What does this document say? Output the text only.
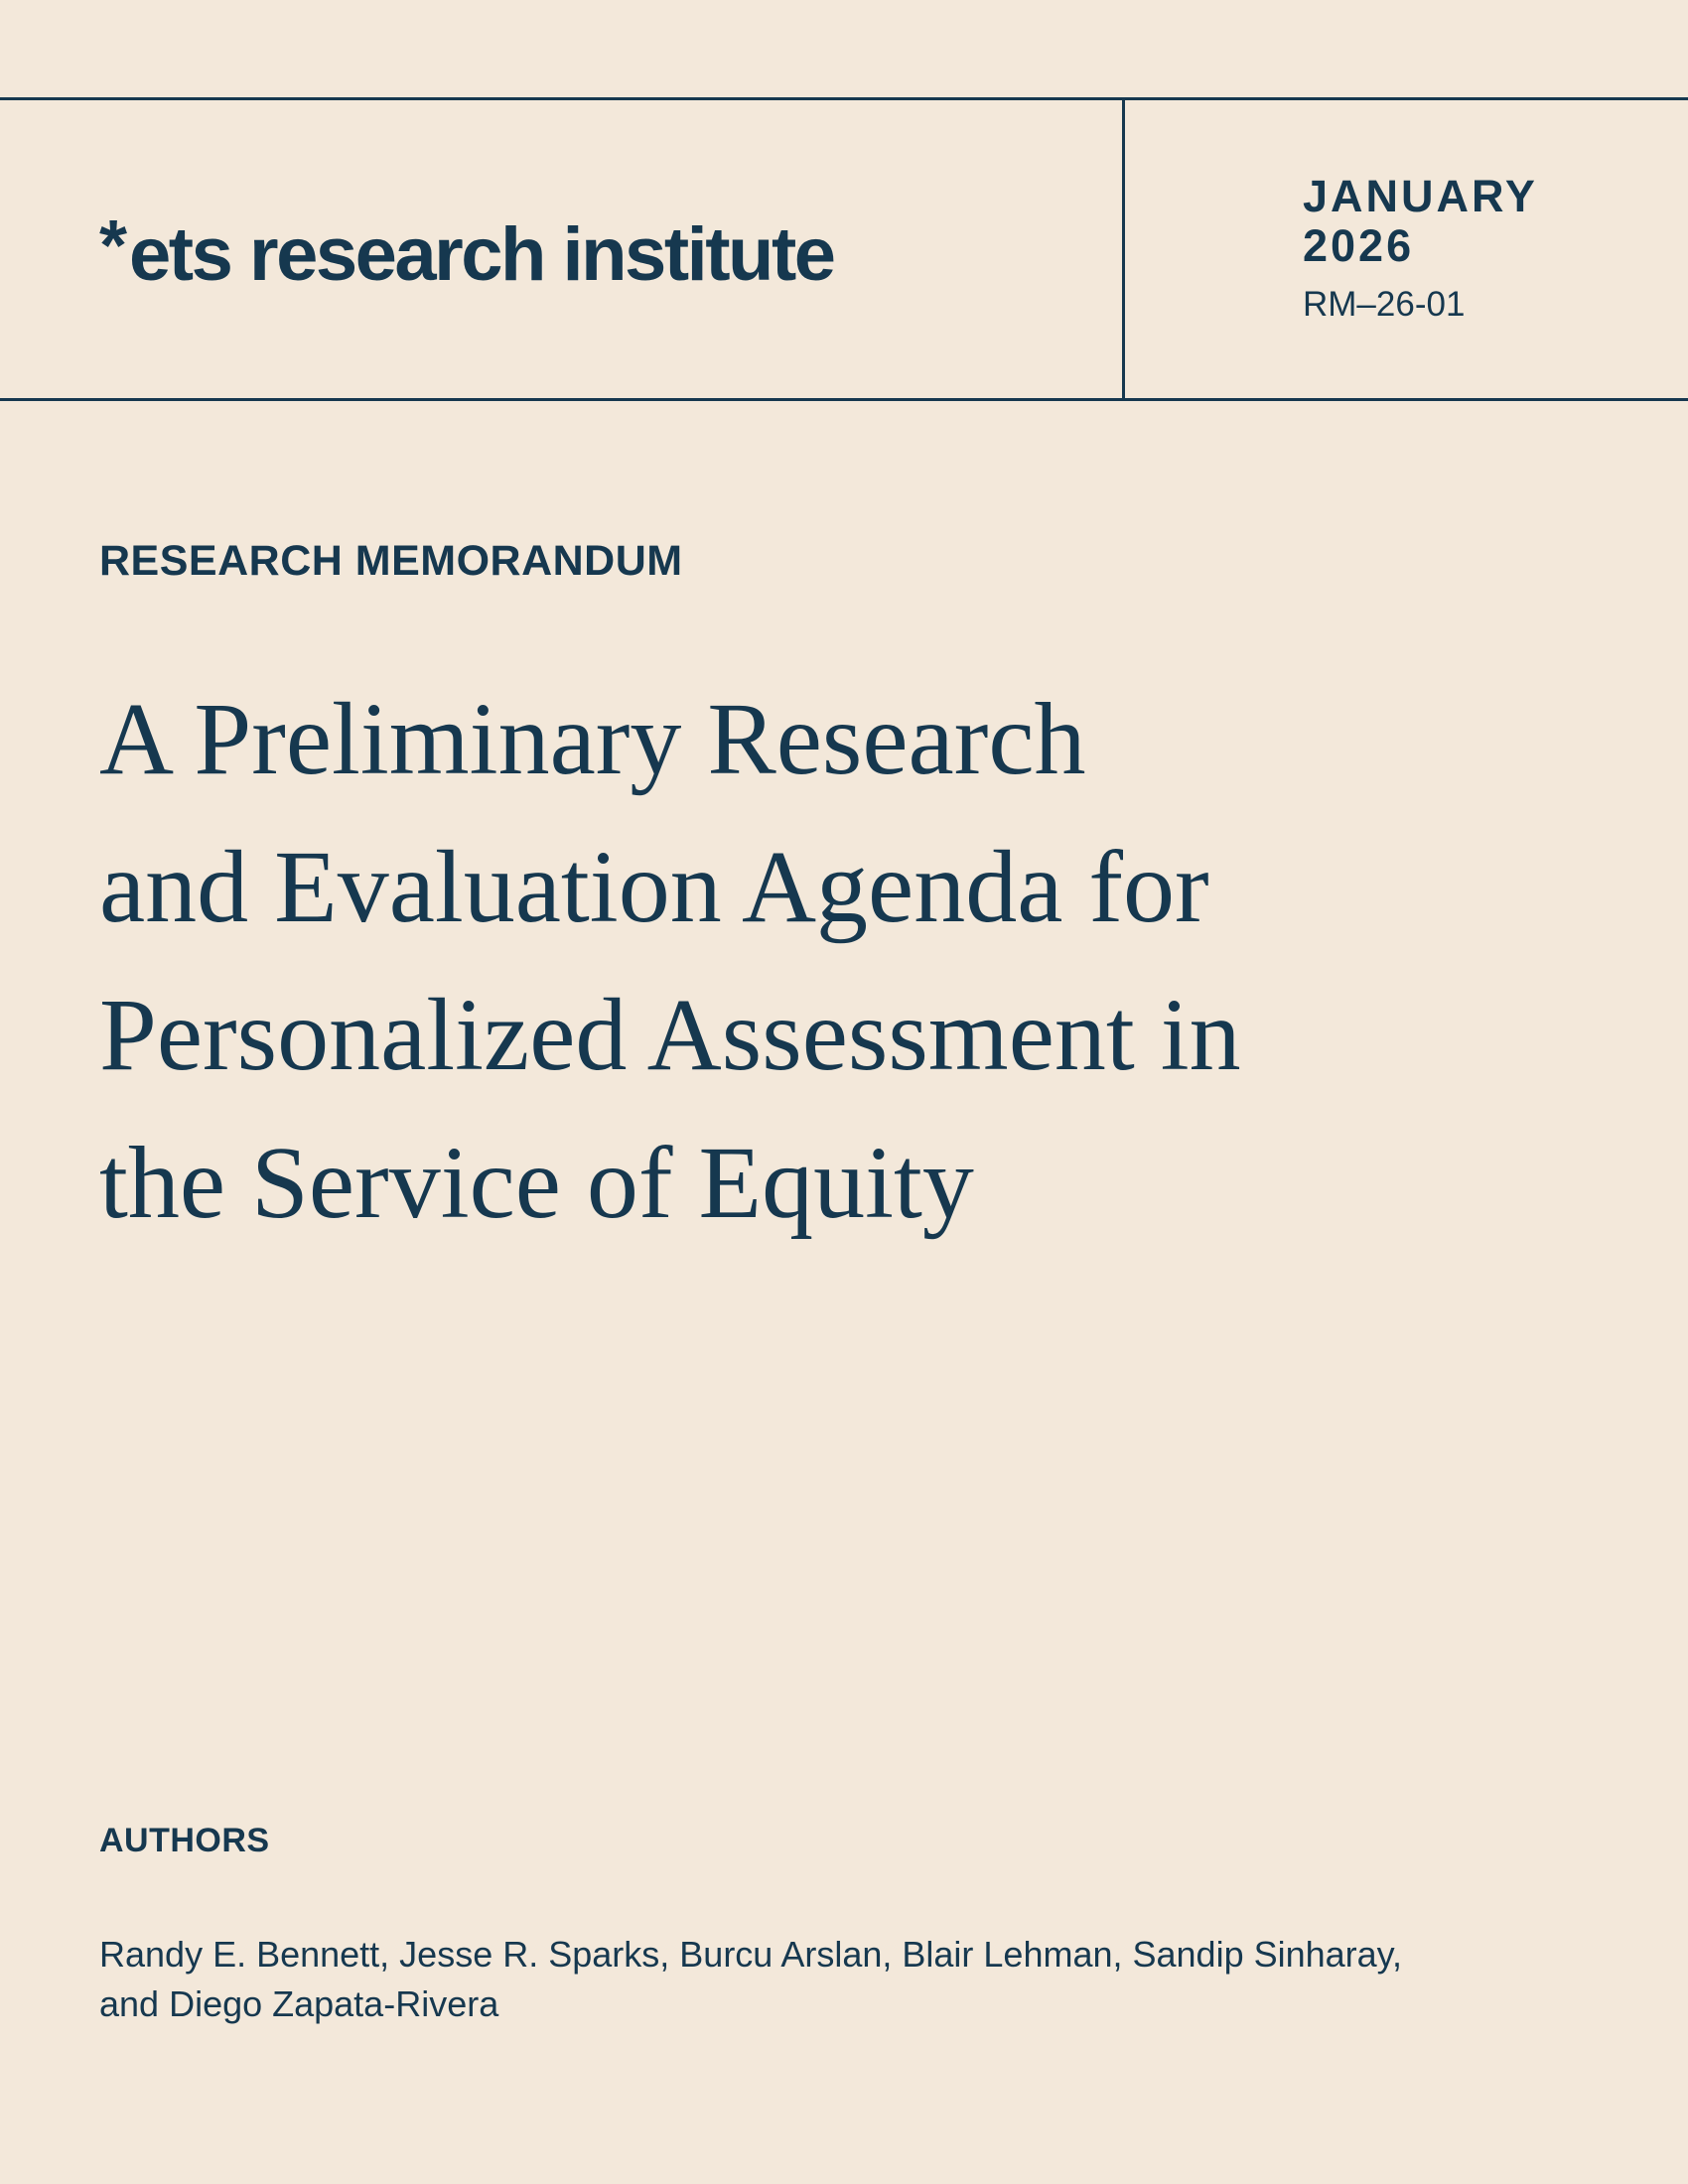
* ets research institute
JANUARY
2026
RM–26-01
RESEARCH MEMORANDUM
A Preliminary Research
and Evaluation Agenda for
Personalized Assessment in
the Service of Equity
AUTHORS
Randy E. Bennett, Jesse R. Sparks, Burcu Arslan, Blair Lehman, Sandip Sinharay,
and Diego Zapata-Rivera
